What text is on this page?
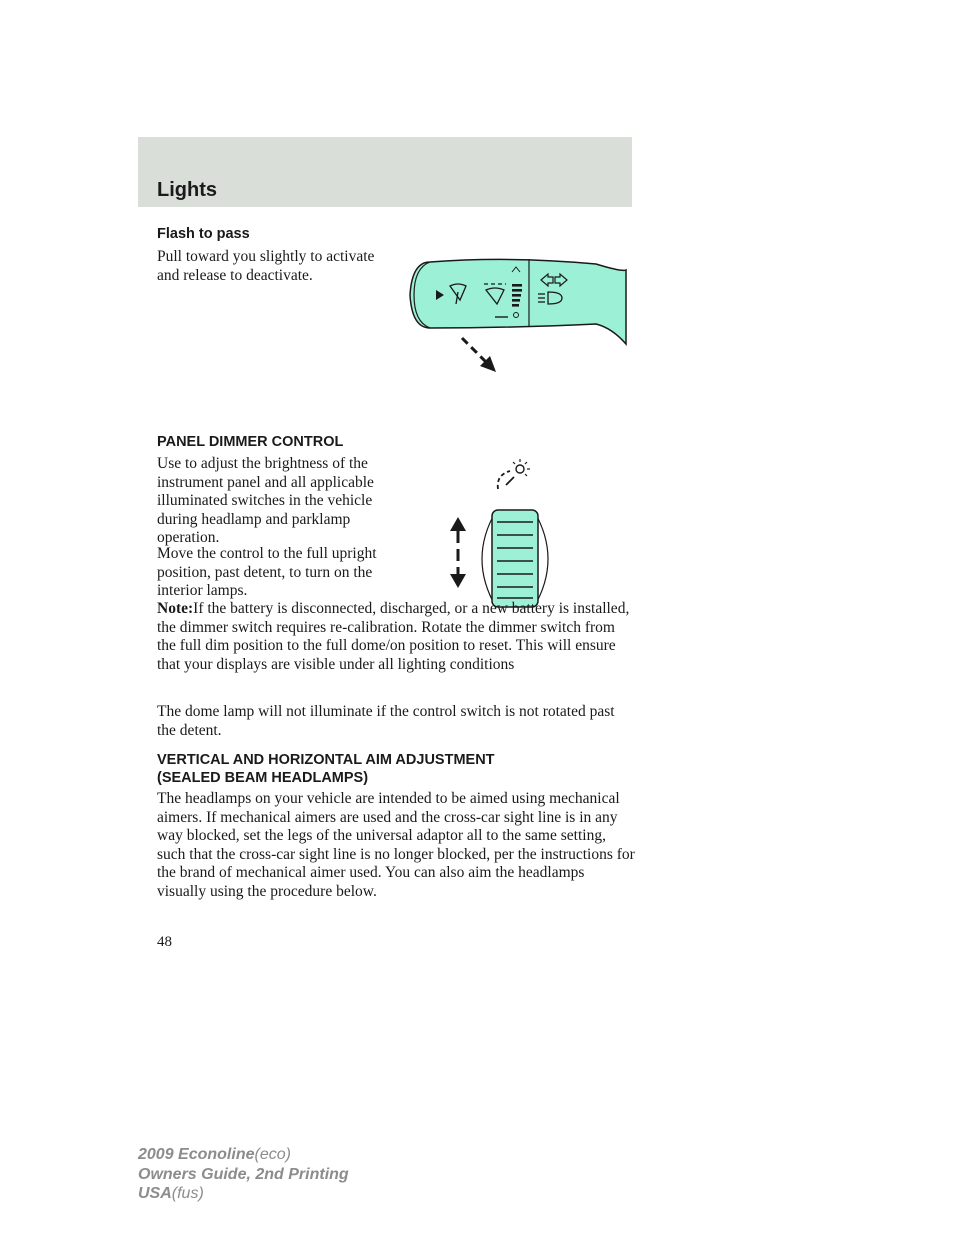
Lights
Flash to pass

Pull toward you slightly to activate and release to deactivate.

PANEL DIMMER CONTROL

Use to adjust the brightness of the instrument panel and all applicable illuminated switches in the vehicle during headlamp and parklamp operation.

Move the control to the full upright position, past detent, to turn on the interior lamps.

Note:If the battery is disconnected, discharged, or a new battery is installed, the dimmer switch requires re-calibration. Rotate the dimmer switch from the full dim position to the full dome/on position to reset. This will ensure that your displays are visible under all lighting conditions

The dome lamp will not illuminate if the control switch is not rotated past the detent.

VERTICAL AND HORIZONTAL AIM ADJUSTMENT
(SEALED BEAM HEADLAMPS)

The headlamps on your vehicle are intended to be aimed using mechanical aimers. If mechanical aimers are used and the cross-car sight line is in any way blocked, set the legs of the universal adaptor all to the same setting, such that the cross-car sight line is no longer blocked, per the instructions for the brand of mechanical aimer used. You can also aim the headlamps visually using the procedure below.

48
2009 Econoline(eco)
Owners Guide, 2nd Printing
USA(fus)
